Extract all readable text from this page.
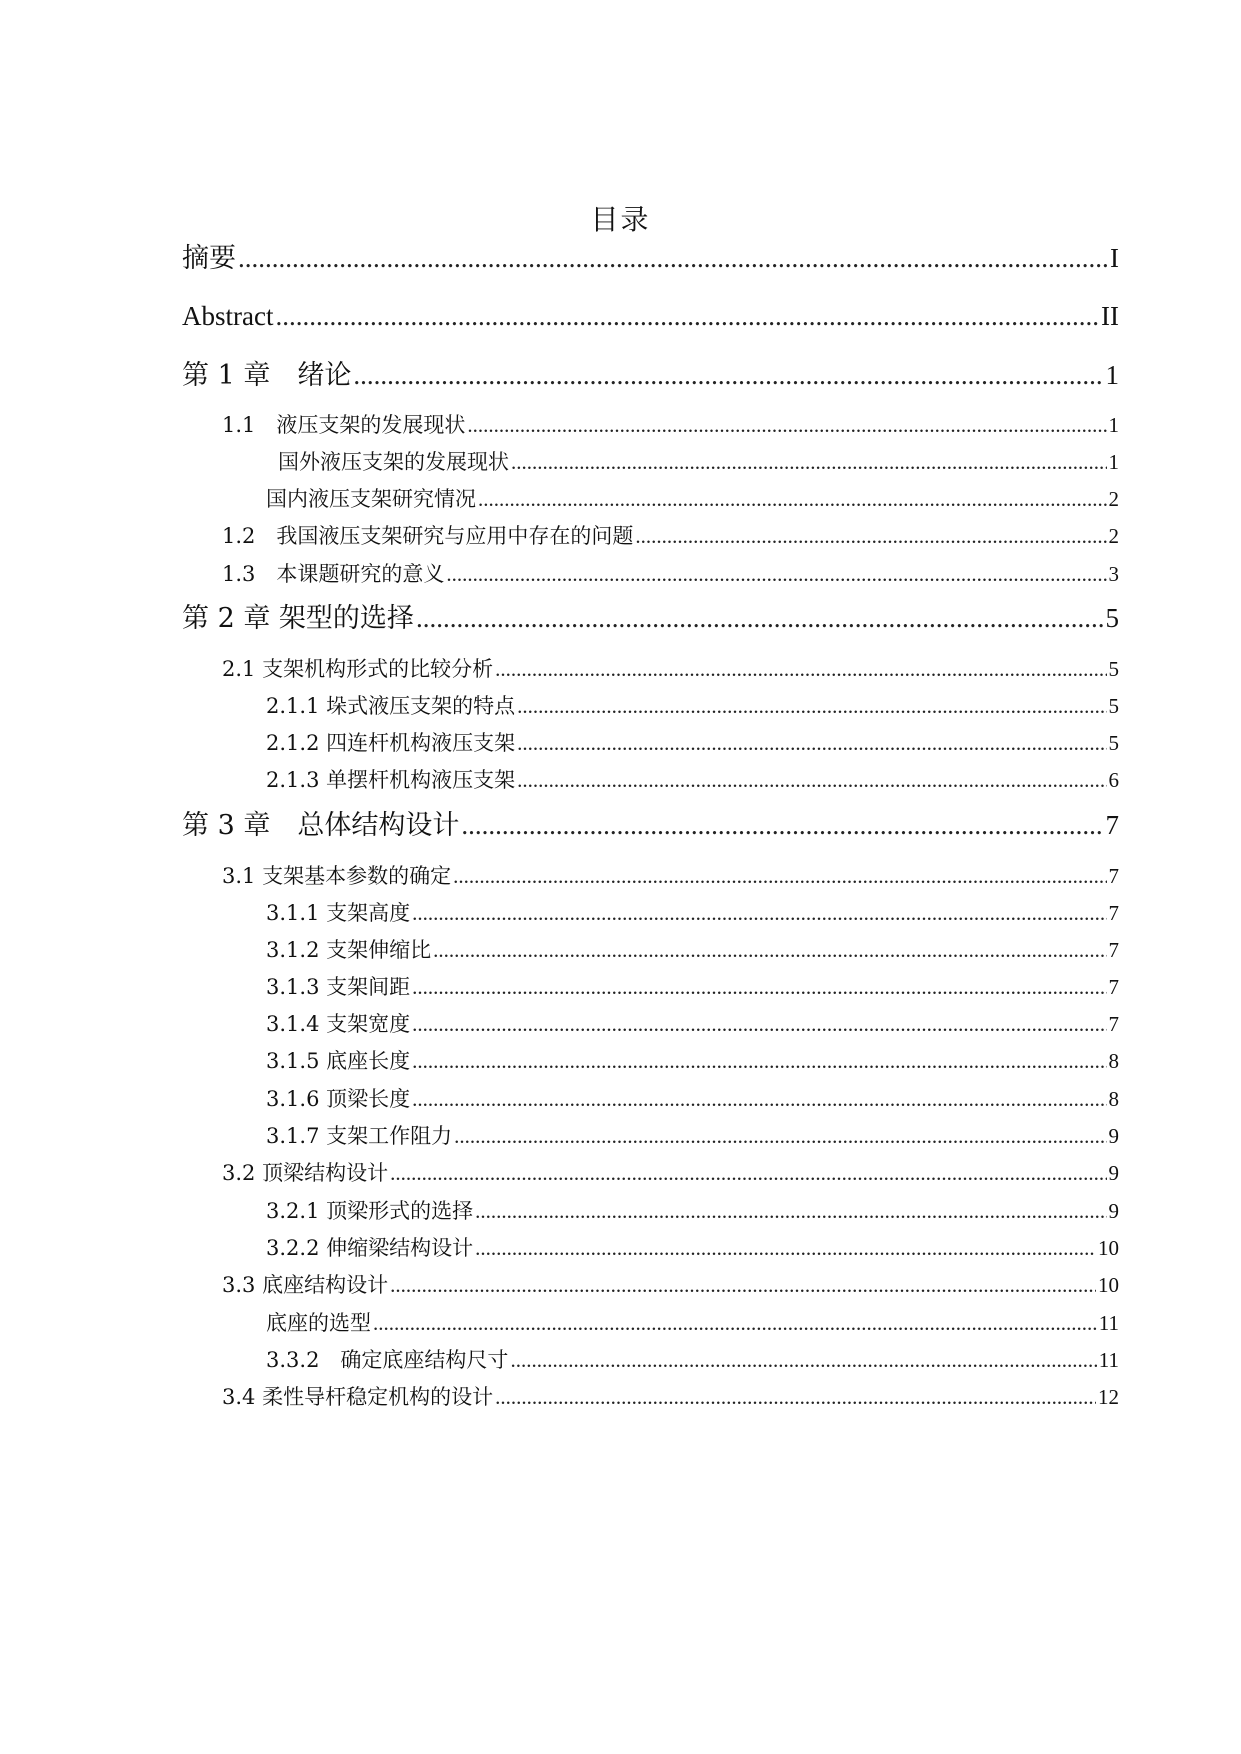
目录
摘要 .....	I
Abstract .....	II
第 1 章　绪论 .....	1
1.1　液压支架的发展现状 .....	1
国外液压支架的发展现状 .....	1
国内液压支架研究情况 .....	2
1.2　我国液压支架研究与应用中存在的问题 .....	2
1.3　本课题研究的意义 .....	3
第 2 章 架型的选择 .....	5
2.1 支架机构形式的比较分析 .....	5
2.1.1 垛式液压支架的特点 .....	5
2.1.2 四连杆机构液压支架 .....	5
2.1.3 单摆杆机构液压支架 .....	6
第 3 章　总体结构设计 .....	7
3.1 支架基本参数的确定 .....	7
3.1.1 支架高度 .....	7
3.1.2 支架伸缩比 .....	7
3.1.3 支架间距 .....	7
3.1.4 支架宽度 .....	7
3.1.5 底座长度 .....	8
3.1.6 顶梁长度 .....	8
3.1.7 支架工作阻力 .....	9
3.2 顶梁结构设计 .....	9
3.2.1 顶梁形式的选择 .....	9
3.2.2 伸缩梁结构设计 .....	10
3.3 底座结构设计 .....	10
底座的选型 .....	11
3.3.2　确定底座结构尺寸 .....	11
3.4 柔性导杆稳定机构的设计 .....	12
